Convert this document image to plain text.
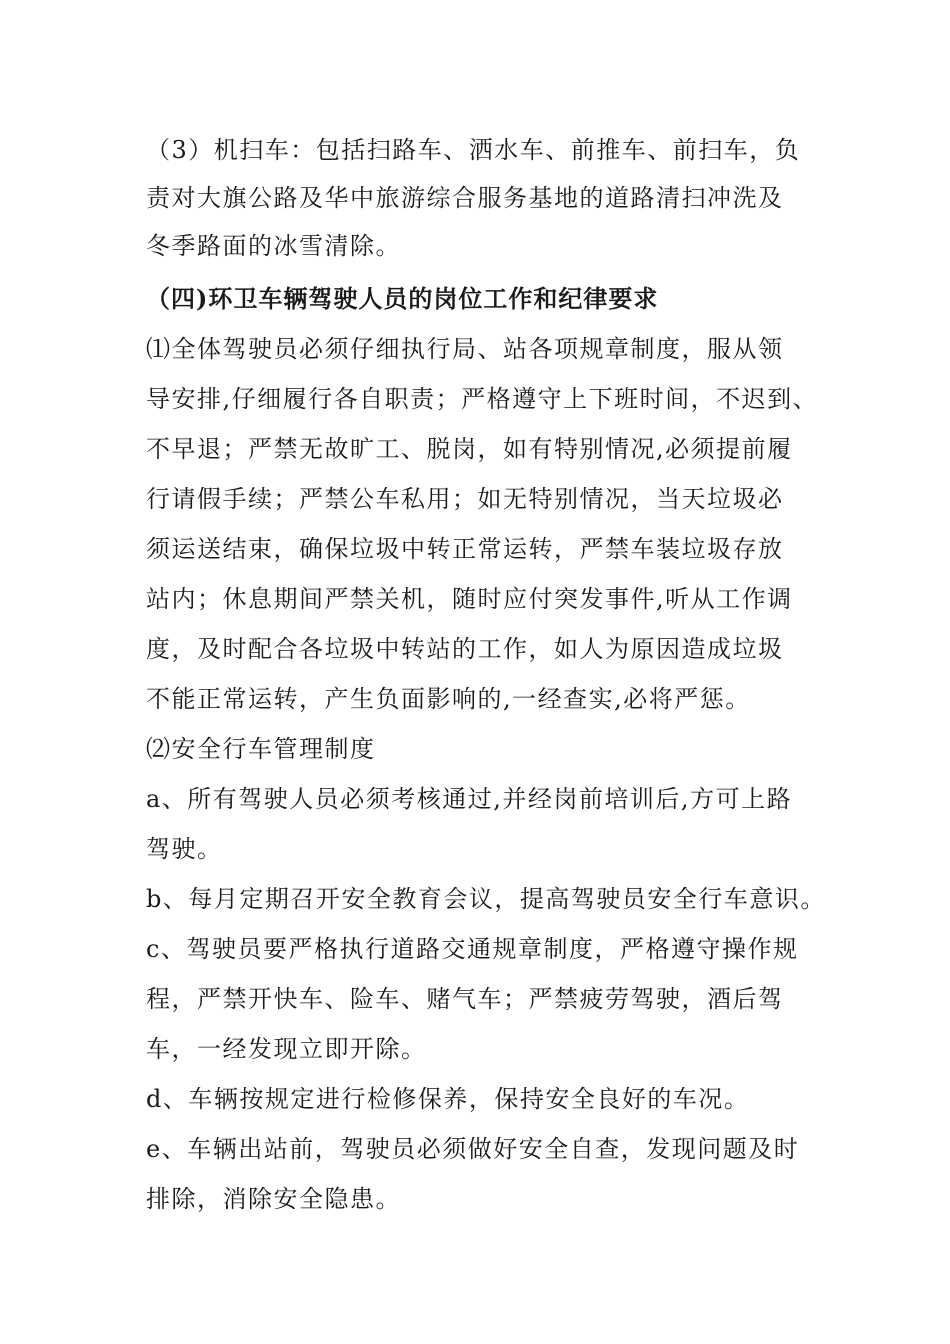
（3）机扫车：包括扫路车、洒水车、前推车、前扫车，负
责对大旗公路及华中旅游综合服务基地的道路清扫冲洗及
冬季路面的冰雪清除。
（四)环卫车辆驾驶人员的岗位工作和纪律要求
⑴全体驾驶员必须仔细执行局、站各项规章制度，服从领
导安排,仔细履行各自职责；严格遵守上下班时间，不迟到、
不早退；严禁无故旷工、脱岗，如有特别情况,必须提前履
行请假手续；严禁公车私用；如无特别情况，当天垃圾必
须运送结束，确保垃圾中转正常运转，严禁车装垃圾存放
站内；休息期间严禁关机，随时应付突发事件,听从工作调
度，及时配合各垃圾中转站的工作，如人为原因造成垃圾
不能正常运转，产生负面影响的,一经查实,必将严惩。
⑵安全行车管理制度
a、所有驾驶人员必须考核通过,并经岗前培训后,方可上路
驾驶。
b、每月定期召开安全教育会议，提高驾驶员安全行车意识。
c、驾驶员要严格执行道路交通规章制度，严格遵守操作规
程，严禁开快车、险车、赌气车；严禁疲劳驾驶，酒后驾
车，一经发现立即开除。
d、车辆按规定进行检修保养，保持安全良好的车况。
e、车辆出站前，驾驶员必须做好安全自查，发现问题及时
排除，消除安全隐患。
